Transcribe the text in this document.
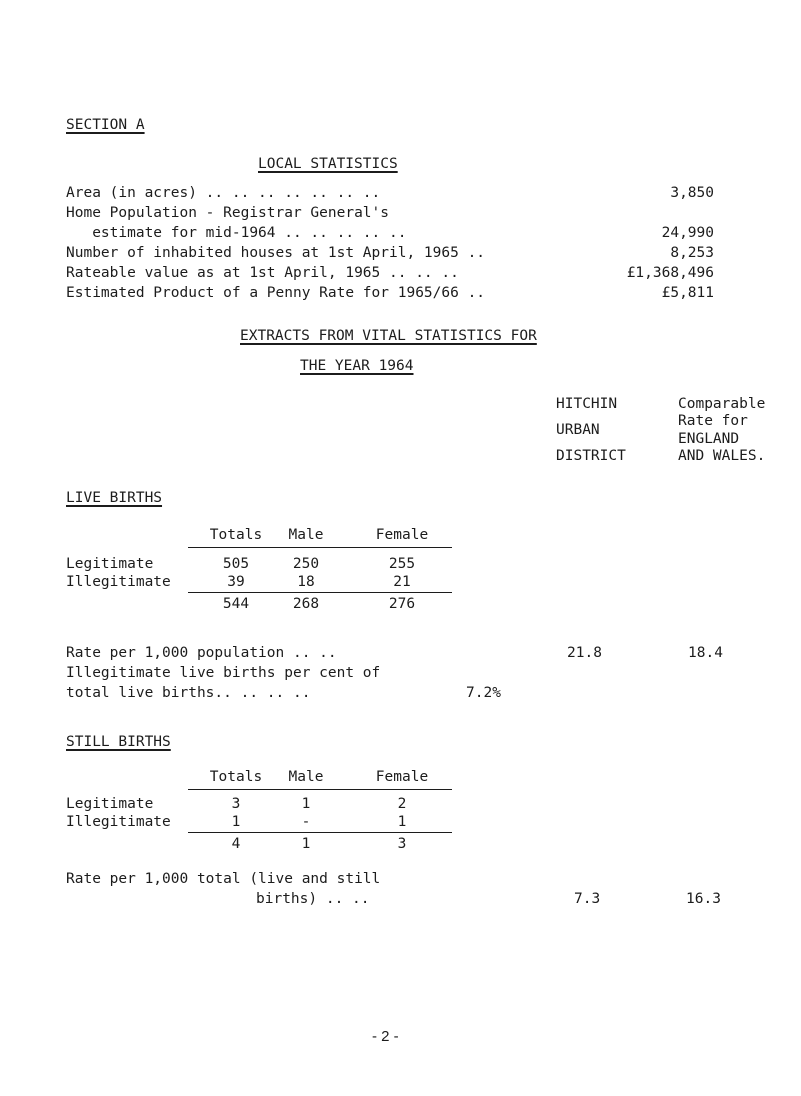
SECTION A
LOCAL STATISTICS
Area (in acres) .. .. .. .. .. .. ..	3,850
Home Population - Registrar General's
estimate for mid-1964 .. .. .. .. ..	24,990
Number of inhabited houses at 1st April, 1965 ..	8,253
Rateable value as at 1st April, 1965 .. .. ..	£1,368,496
Estimated Product of a Penny Rate for 1965/66 ..	£5,811
EXTRACTS FROM VITAL STATISTICS FOR
THE YEAR 1964
HITCHIN
URBAN
DISTRICT
Comparable
Rate for
ENGLAND
AND WALES.
LIVE BIRTHS
Totals	Male	Female
Legitimate	505	250	255
Illegitimate	39	18	21
544	268	276
Rate per 1,000 population .. ..	21.8	18.4
Illegitimate live births per cent of
total live births.. .. .. ..	7.2%
STILL BIRTHS
Totals	Male	Female
Legitimate	3	1	2
Illegitimate	1	-	1
4	1	3
Rate per 1,000 total (live and still
births) .. ..	7.3	16.3
- 2 -
